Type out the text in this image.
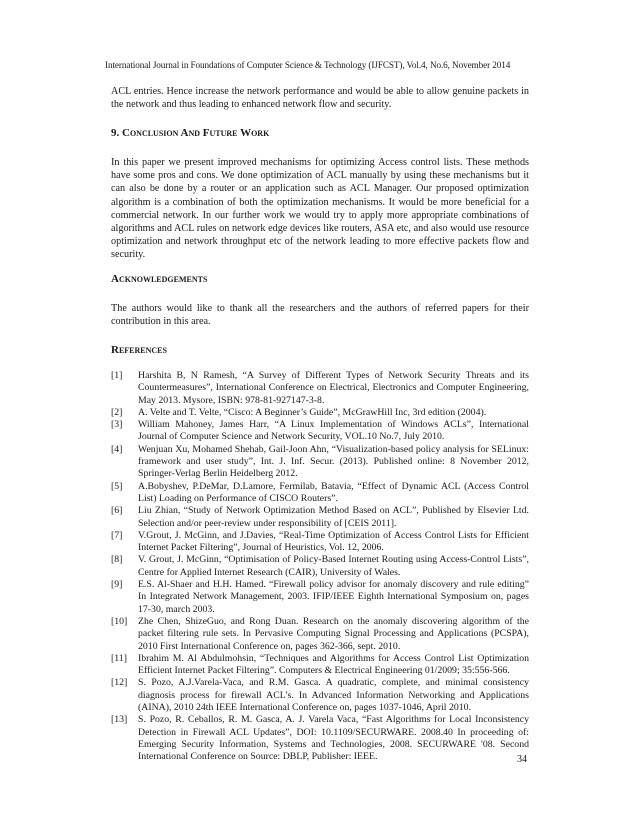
International Journal in Foundations of Computer Science & Technology (IJFCST), Vol.4, No.6, November 2014

ACL entries. Hence increase the network performance and would be able to allow genuine packets in the network and thus leading to enhanced network flow and security.

9. Conclusion And Future Work

In this paper we present improved mechanisms for optimizing Access control lists. These methods have some pros and cons. We done optimization of ACL manually by using these mechanisms but it can also be done by a router or an application such as ACL Manager. Our proposed optimization algorithm is a combination of both the optimization mechanisms. It would be more beneficial for a commercial network. In our further work we would try to apply more appropriate combinations of algorithms and ACL rules on network edge devices like routers, ASA etc, and also would use resource optimization and network throughput etc of the network leading to more effective packets flow and security.

Acknowledgements

The authors would like to thank all the researchers and the authors of referred papers for their contribution in this area.

References
[1] Harshita B, N Ramesh, “A Survey of Different Types of Network Security Threats and its Countermeasures”, International Conference on Electrical, Electronics and Computer Engineering, May 2013. Mysore, ISBN: 978-81-927147-3-8.
[2] A. Velte and T. Velte, “Cisco: A Beginner’s Guide”, McGrawHill Inc, 3rd edition (2004).
[3] William Mahoney, James Harr, “A Linux Implementation of Windows ACLs”, International Journal of Computer Science and Network Security, VOL.10 No.7, July 2010.
[4] Wenjuan Xu, Mohamed Shehab, Gail-Joon Ahn, “Visualization-based policy analysis for SELinux: framework and user study”, Int. J. Inf. Secur. (2013). Published online: 8 November 2012, Springer-Verlag Berlin Heidelberg 2012.
[5] A.Bobyshev, P.DeMar, D.Lamore, Fermilab, Batavia, “Effect of Dynamic ACL (Access Control List) Loading on Performance of CISCO Routers”.
[6] Liu Zhian, “Study of Network Optimization Method Based on ACL”, Published by Elsevier Ltd. Selection and/or peer-review under responsibility of [CEIS 2011].
[7] V.Grout, J. McGinn, and J.Davies, “Real-Time Optimization of Access Control Lists for Efficient Internet Packet Filtering”, Journal of Heuristics, Vol. 12, 2006.
[8] V. Grout, J. McGinn, “Optimisation of Policy-Based Internet Routing using Access-Control Lists”, Centre for Applied Internet Research (CAIR), University of Wales.
[9] E.S. Al-Shaer and H.H. Hamed. “Firewall policy advisor for anomaly discovery and rule editing” In Integrated Network Management, 2003. IFIP/IEEE Eighth International Symposium on, pages 17-30, march 2003.
[10] Zhe Chen, ShizeGuo, and Rong Duan. Research on the anomaly discovering algorithm of the packet filtering rule sets. In Pervasive Computing Signal Processing and Applications (PCSPA), 2010 First International Conference on, pages 362-366, sept. 2010.
[11] Ibrahim M. Al Abdulmohsin, “Techniques and Algorithms for Access Control List Optimization Efficient Internet Packet Filtering”. Computers & Electrical Engineering 01/2009; 35:556-566.
[12] S. Pozo, A.J.Varela-Vaca, and R.M. Gasca. A quadratic, complete, and minimal consistency diagnosis process for firewall ACL’s. In Advanced Information Networking and Applications (AINA), 2010 24th IEEE International Conference on, pages 1037-1046, April 2010.
[13] S. Pozo, R. Ceballos, R. M. Gasca, A. J. Varela Vaca, “Fast Algorithms for Local Inconsistency Detection in Firewall ACL Updates”, DOI: 10.1109/SECURWARE. 2008.40 In proceeding of: Emerging Security Information, Systems and Technologies, 2008. SECURWARE '08. Second International Conference on Source: DBLP, Publisher: IEEE.	34
